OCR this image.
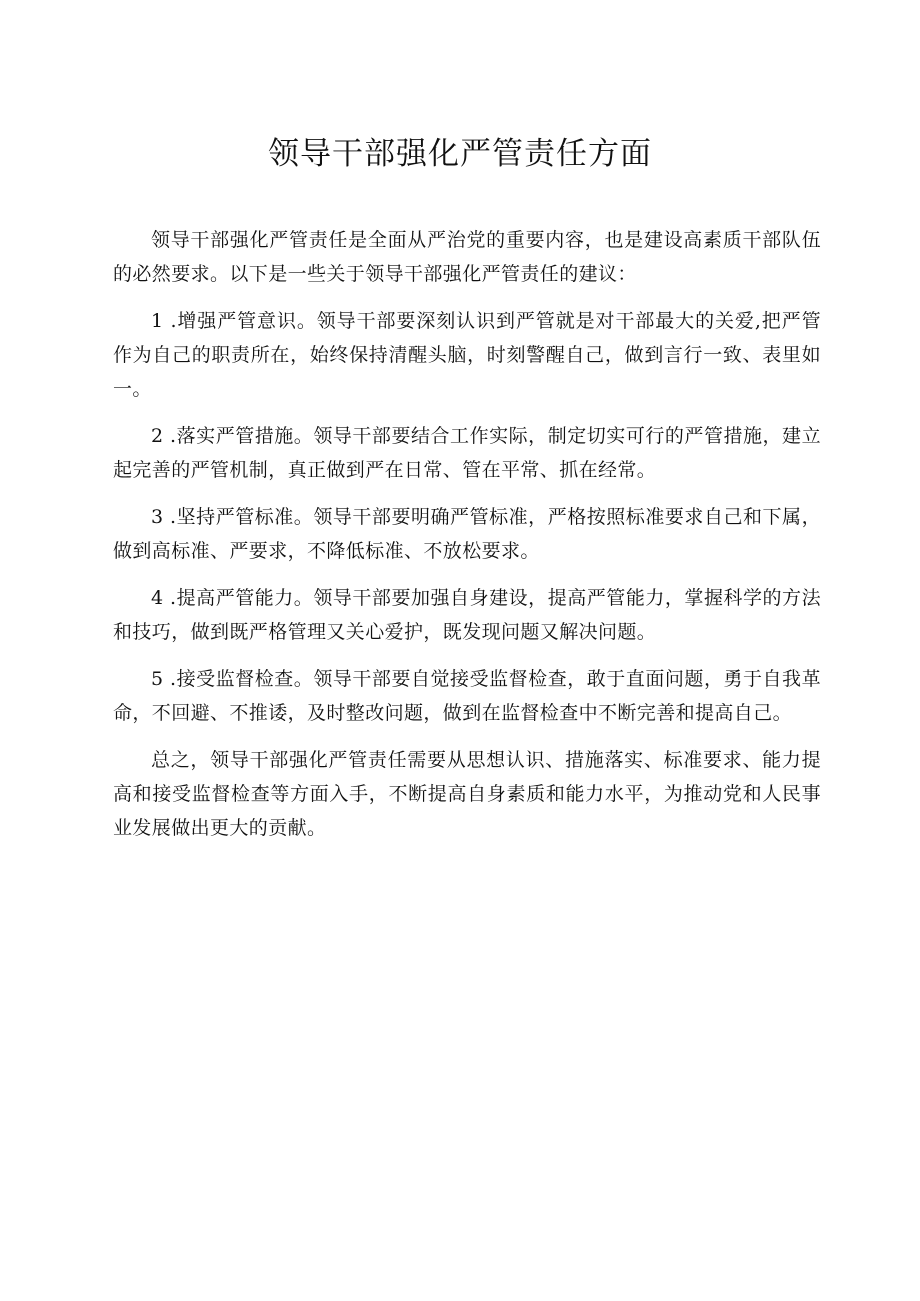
领导干部强化严管责任方面

领导干部强化严管责任是全面从严治党的重要内容，也是建设高素质干部队伍的必然要求。以下是一些关于领导干部强化严管责任的建议：

1 .增强严管意识。领导干部要深刻认识到严管就是对干部最大的关爱,把严管作为自己的职责所在，始终保持清醒头脑，时刻警醒自己，做到言行一致、表里如一。

2 .落实严管措施。领导干部要结合工作实际，制定切实可行的严管措施，建立起完善的严管机制，真正做到严在日常、管在平常、抓在经常。

3 .坚持严管标准。领导干部要明确严管标准，严格按照标准要求自己和下属，做到高标准、严要求，不降低标准、不放松要求。

4 .提高严管能力。领导干部要加强自身建设，提高严管能力，掌握科学的方法和技巧，做到既严格管理又关心爱护，既发现问题又解决问题。

5 .接受监督检查。领导干部要自觉接受监督检查，敢于直面问题，勇于自我革命，不回避、不推诿，及时整改问题，做到在监督检查中不断完善和提高自己。

总之，领导干部强化严管责任需要从思想认识、措施落实、标准要求、能力提高和接受监督检查等方面入手，不断提高自身素质和能力水平，为推动党和人民事业发展做出更大的贡献。
